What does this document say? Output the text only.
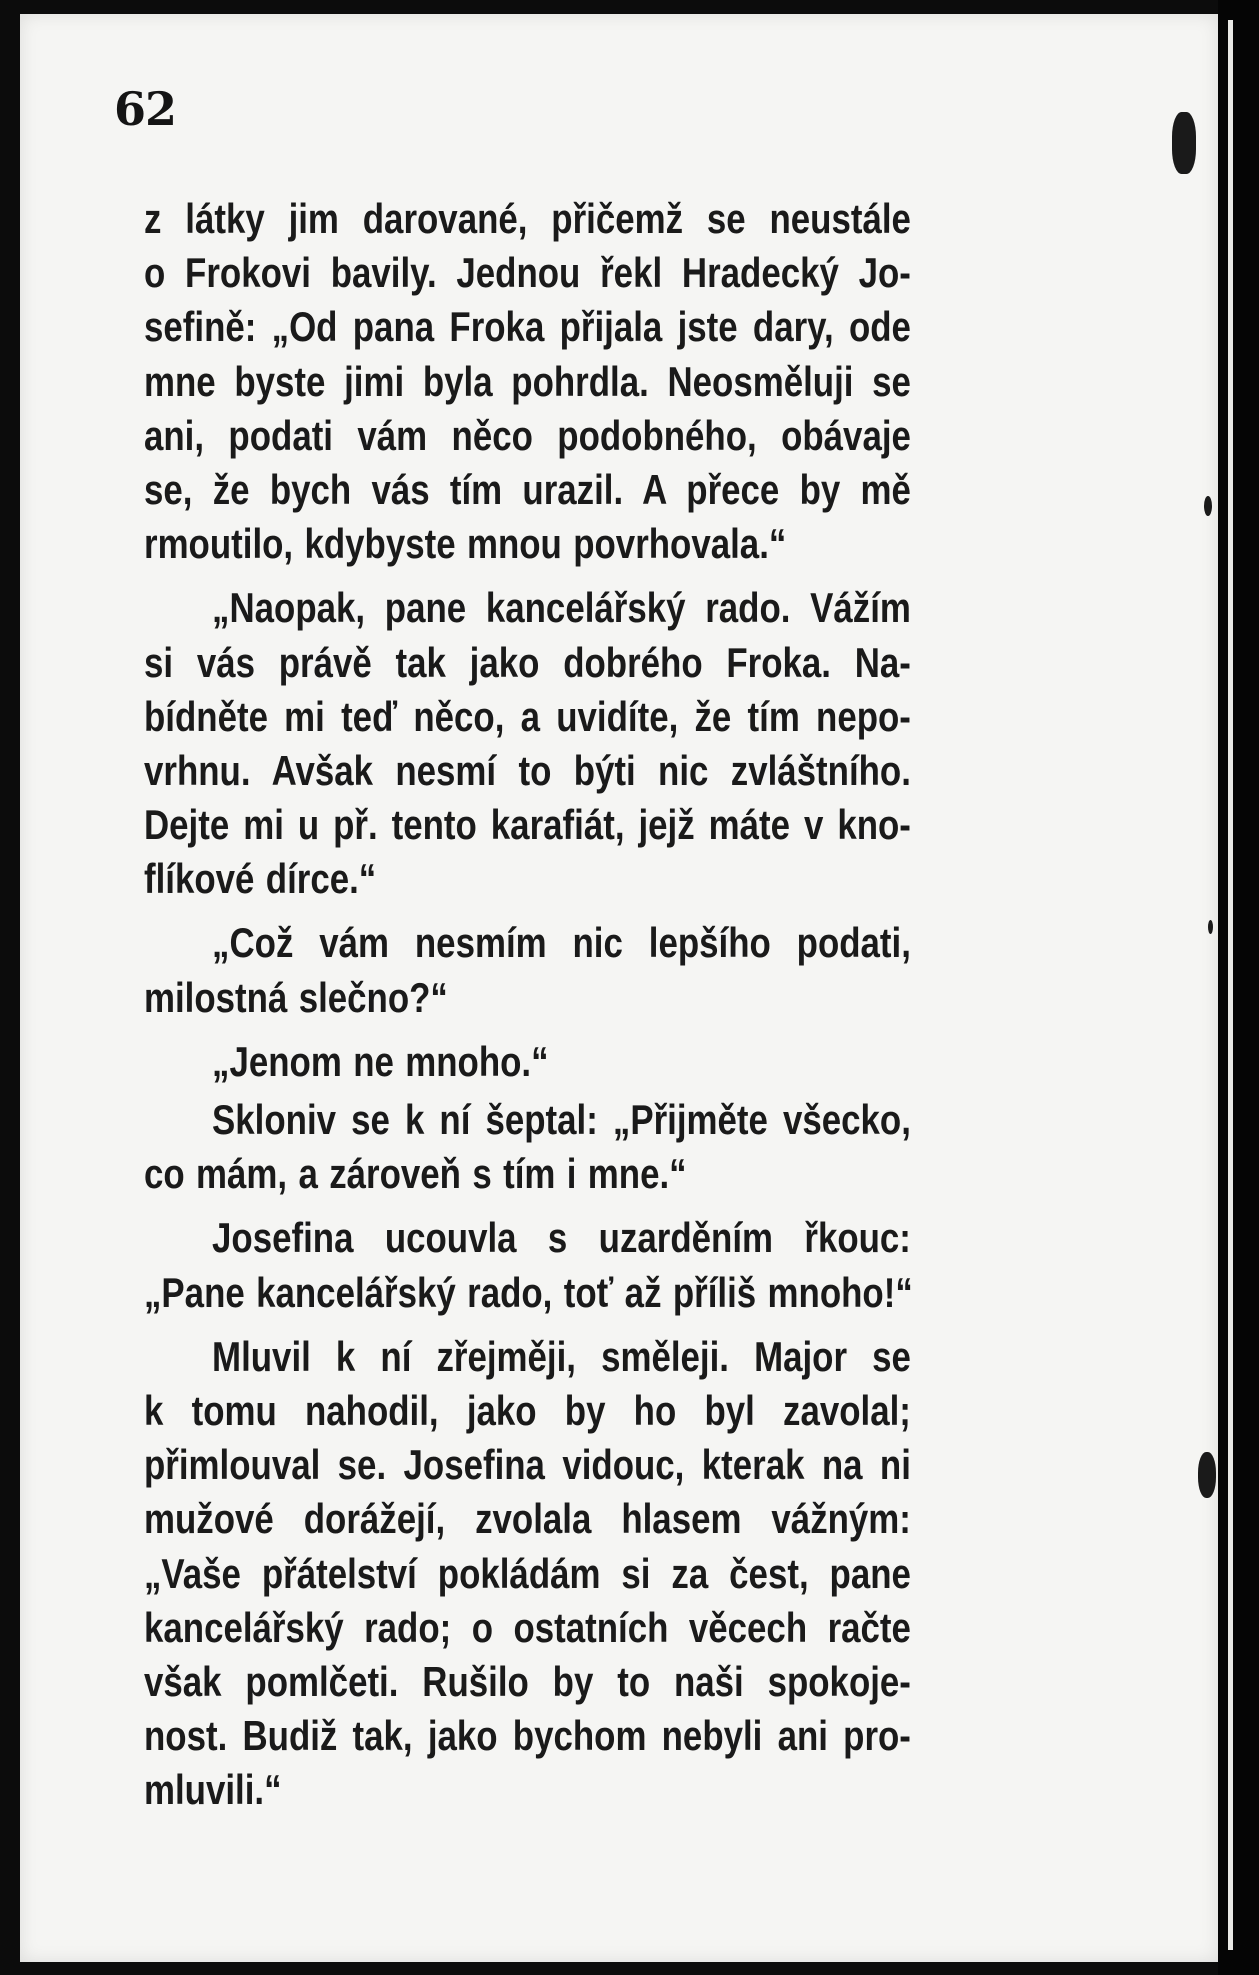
62

z látky jim darované, přičemž se neustále
o Frokovi bavily. Jednou řekl Hradecký Jo-
sefině: „Od pana Froka přijala jste dary, ode
mne byste jimi byla pohrdla. Neosměluji se
ani, podati vám něco podobného, obávaje
se, že bych vás tím urazil. A přece by mě
rmoutilo, kdybyste mnou povrhovala.“

„Naopak, pane kancelářský rado. Vážím
si vás právě tak jako dobrého Froka. Na-
bídněte mi teď něco, a uvidíte, že tím nepo-
vrhnu. Avšak nesmí to býti nic zvláštního.
Dejte mi u př. tento karafiát, jejž máte v kno-
flíkové dírce.“

„Což vám nesmím nic lepšího podati,
milostná slečno?“

„Jenom ne mnoho.“

Skloniv se k ní šeptal: „Přijměte všecko,
co mám, a zároveň s tím i mne.“

Josefina ucouvla s uzarděním řkouc:
„Pane kancelářský rado, toť až příliš mnoho!“

Mluvil k ní zřejměji, směleji. Major se
k tomu nahodil, jako by ho byl zavolal;
přimlouval se. Josefina vidouc, kterak na ni
mužové dorážejí, zvolala hlasem vážným:
„Vaše přátelství pokládám si za čest, pane
kancelářský rado; o ostatních věcech račte
však pomlčeti. Rušilo by to naši spokoje-
nost. Budiž tak, jako bychom nebyli ani pro-
mluvili.“
